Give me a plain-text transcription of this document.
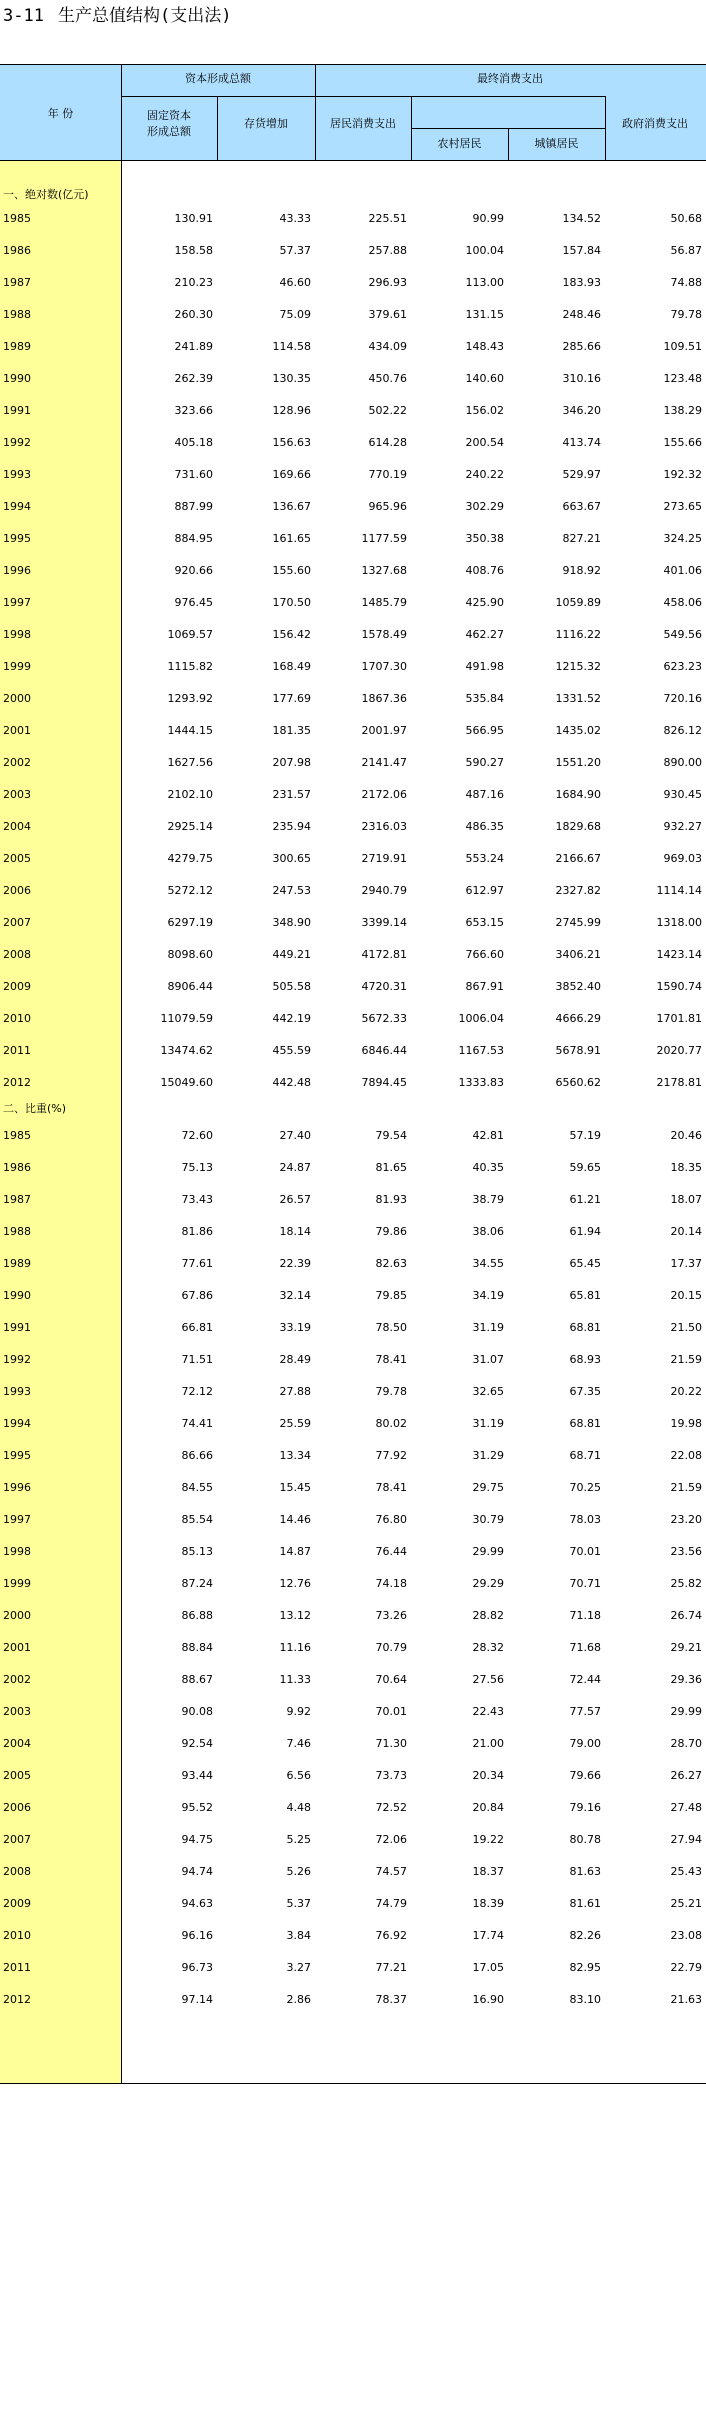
3-11 生产总值结构(支出法)
年 份
资本形成总额	最终消费支出
固定资本
形成总额
存货增加	居民消费支出
农村居民	城镇居民
政府消费支出
一、绝对数(亿元)
1985	130.91	43.33	225.51	90.99	134.52	50.68
1986	158.58	57.37	257.88	100.04	157.84	56.87
1987	210.23	46.60	296.93	113.00	183.93	74.88
1988	260.30	75.09	379.61	131.15	248.46	79.78
1989	241.89	114.58	434.09	148.43	285.66	109.51
1990	262.39	130.35	450.76	140.60	310.16	123.48
1991	323.66	128.96	502.22	156.02	346.20	138.29
1992	405.18	156.63	614.28	200.54	413.74	155.66
1993	731.60	169.66	770.19	240.22	529.97	192.32
1994	887.99	136.67	965.96	302.29	663.67	273.65
1995	884.95	161.65	1177.59	350.38	827.21	324.25
1996	920.66	155.60	1327.68	408.76	918.92	401.06
1997	976.45	170.50	1485.79	425.90	1059.89	458.06
1998	1069.57	156.42	1578.49	462.27	1116.22	549.56
1999	1115.82	168.49	1707.30	491.98	1215.32	623.23
2000	1293.92	177.69	1867.36	535.84	1331.52	720.16
2001	1444.15	181.35	2001.97	566.95	1435.02	826.12
2002	1627.56	207.98	2141.47	590.27	1551.20	890.00
2003	2102.10	231.57	2172.06	487.16	1684.90	930.45
2004	2925.14	235.94	2316.03	486.35	1829.68	932.27
2005	4279.75	300.65	2719.91	553.24	2166.67	969.03
2006	5272.12	247.53	2940.79	612.97	2327.82	1114.14
2007	6297.19	348.90	3399.14	653.15	2745.99	1318.00
2008	8098.60	449.21	4172.81	766.60	3406.21	1423.14
2009	8906.44	505.58	4720.31	867.91	3852.40	1590.74
2010	11079.59	442.19	5672.33	1006.04	4666.29	1701.81
2011	13474.62	455.59	6846.44	1167.53	5678.91	2020.77
2012	15049.60	442.48	7894.45	1333.83	6560.62	2178.81
二、比重(%)
1985	72.60	27.40	79.54	42.81	57.19	20.46
1986	75.13	24.87	81.65	40.35	59.65	18.35
1987	73.43	26.57	81.93	38.79	61.21	18.07
1988	81.86	18.14	79.86	38.06	61.94	20.14
1989	77.61	22.39	82.63	34.55	65.45	17.37
1990	67.86	32.14	79.85	34.19	65.81	20.15
1991	66.81	33.19	78.50	31.19	68.81	21.50
1992	71.51	28.49	78.41	31.07	68.93	21.59
1993	72.12	27.88	79.78	32.65	67.35	20.22
1994	74.41	25.59	80.02	31.19	68.81	19.98
1995	86.66	13.34	77.92	31.29	68.71	22.08
1996	84.55	15.45	78.41	29.75	70.25	21.59
1997	85.54	14.46	76.80	30.79	78.03	23.20
1998	85.13	14.87	76.44	29.99	70.01	23.56
1999	87.24	12.76	74.18	29.29	70.71	25.82
2000	86.88	13.12	73.26	28.82	71.18	26.74
2001	88.84	11.16	70.79	28.32	71.68	29.21
2002	88.67	11.33	70.64	27.56	72.44	29.36
2003	90.08	9.92	70.01	22.43	77.57	29.99
2004	92.54	7.46	71.30	21.00	79.00	28.70
2005	93.44	6.56	73.73	20.34	79.66	26.27
2006	95.52	4.48	72.52	20.84	79.16	27.48
2007	94.75	5.25	72.06	19.22	80.78	27.94
2008	94.74	5.26	74.57	18.37	81.63	25.43
2009	94.63	5.37	74.79	18.39	81.61	25.21
2010	96.16	3.84	76.92	17.74	82.26	23.08
2011	96.73	3.27	77.21	17.05	82.95	22.79
2012	97.14	2.86	78.37	16.90	83.10	21.63
